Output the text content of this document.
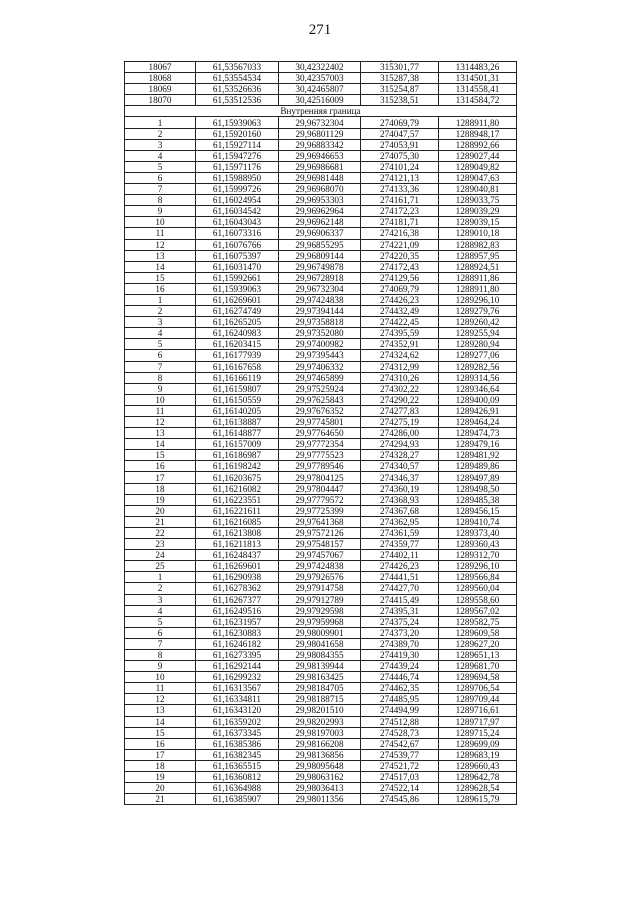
271
,
18067	61,53567033	30,42322402	315301,77	1314483,26
18068	61,53554534	30,42357003	315287,38	1314501,31
18069	61,53526636	30,42465807	315254,87	1314558,41
18070	61,53512536	30,42516009	315238,51	1314584,72
Внутренняя граница				
1	61,15939063	29,96732304	274069,79	1288911,80
2	61,15920160	29,96801129	274047,57	1288948,17
3	61,15927114	29,96883342	274053,91	1288992,66
4	61,15947276	29,96946653	274075,30	1289027,44
5	61,15971176	29,96986681	274101,24	1289049,82
6	61,15988950	29,96981448	274121,13	1289047,63
7	61,15999726	29,96968070	274133,36	1289040,81
8	61,16024954	29,96953303	274161,71	1289033,75
9	61,16034542	29,96962964	274172,23	1289039,29
10	61,16043043	29,96962148	274181,71	1289039,15
11	61,16073316	29,96906337	274216,38	1289010,18
12	61,16076766	29,96855295	274221,09	1288982,83
13	61,16075397	29,96809144	274220,35	1288957,95
14	61,16031470	29,96749878	274172,43	1288924,51
15	61,15992661	29,96728918	274129,56	1288911,86
16	61,15939063	29,96732304	274069,79	1288911,80
1	61,16269601	29,97424838	274426,23	1289296,10
2	61,16274749	29,97394144	274432,49	1289279,76
3	61,16265205	29,97358818	274422,45	1289260,42
4	61,16240983	29,97352080	274395,59	1289255,94
5	61,16203415	29,97400982	274352,91	1289280,94
6	61,16177939	29,97395443	274324,62	1289277,06
7	61,16167658	29,97406332	274312,99	1289282,56
8	61,16166119	29,97465899	274310,26	1289314,56
9	61,16159807	29,97525924	274302,22	1289346,64
10	61,16150559	29,97625843	274290,22	1289400,09
11	61,16140205	29,97676352	274277,83	1289426,91
12	61,16138887	29,97745801	274275,19	1289464,24
13	61,16148877	29,97764650	274286,00	1289474,73
14	61,16157009	29,97772354	274294,93	1289479,16
15	61,16186987	29,97775523	274328,27	1289481,92
16	61,16198242	29,97789546	274340,57	1289489,86
17	61,16203675	29,97804125	274346,37	1289497,89
18	61,16216082	29,97804447	274360,19	1289498,50
19	61,16223551	29,97779572	274368,93	1289485,38
20	61,16221611	29,97725399	274367,68	1289456,15
21	61,16216085	29,97641368	274362,95	1289410,74
22	61,16213808	29,97572126	274361,59	1289373,40
23	61,16211813	29,97548157	274359,77	1289360,43
24	61,16248437	29,97457067	274402,11	1289312,70
25	61,16269601	29,97424838	274426,23	1289296,10
1	61,16290938	29,97926576	274441,51	1289566,84
2	61,16278362	29,97914758	274427,70	1289560,04
3	61,16267377	29,97912789	274415,49	1289558,60
4	61,16249516	29,97929598	274395,31	1289567,02
5	61,16231957	29,97959968	274375,24	1289582,75
6	61,16230883	29,98009901	274373,20	1289609,58
7	61,16246182	29,98041658	274389,70	1289627,20
8	61,16273395	29,98084355	274419,30	1289651,13
9	61,16292144	29,98139944	274439,24	1289681,70
10	61,16299232	29,98163425	274446,74	1289694,58
11	61,16313567	29,98184705	274462,35	1289706,54
12	61,16334811	29,98188715	274485,95	1289709,44
13	61,16343120	29,98201510	274494,99	1289716,61
14	61,16359202	29,98202993	274512,88	1289717,97
15	61,16373345	29,98197003	274528,73	1289715,24
16	61,16385386	29,98166208	274542,67	1289699,09
17	61,16382345	29,98136856	274539,77	1289683,19
18	61,16365515	29,98095648	274521,72	1289660,43
19	61,16360812	29,98063162	274517,03	1289642,78
20	61,16364988	29,98036413	274522,14	1289628,54
21	61,16385907	29,98011356	274545,86	1289615,79
